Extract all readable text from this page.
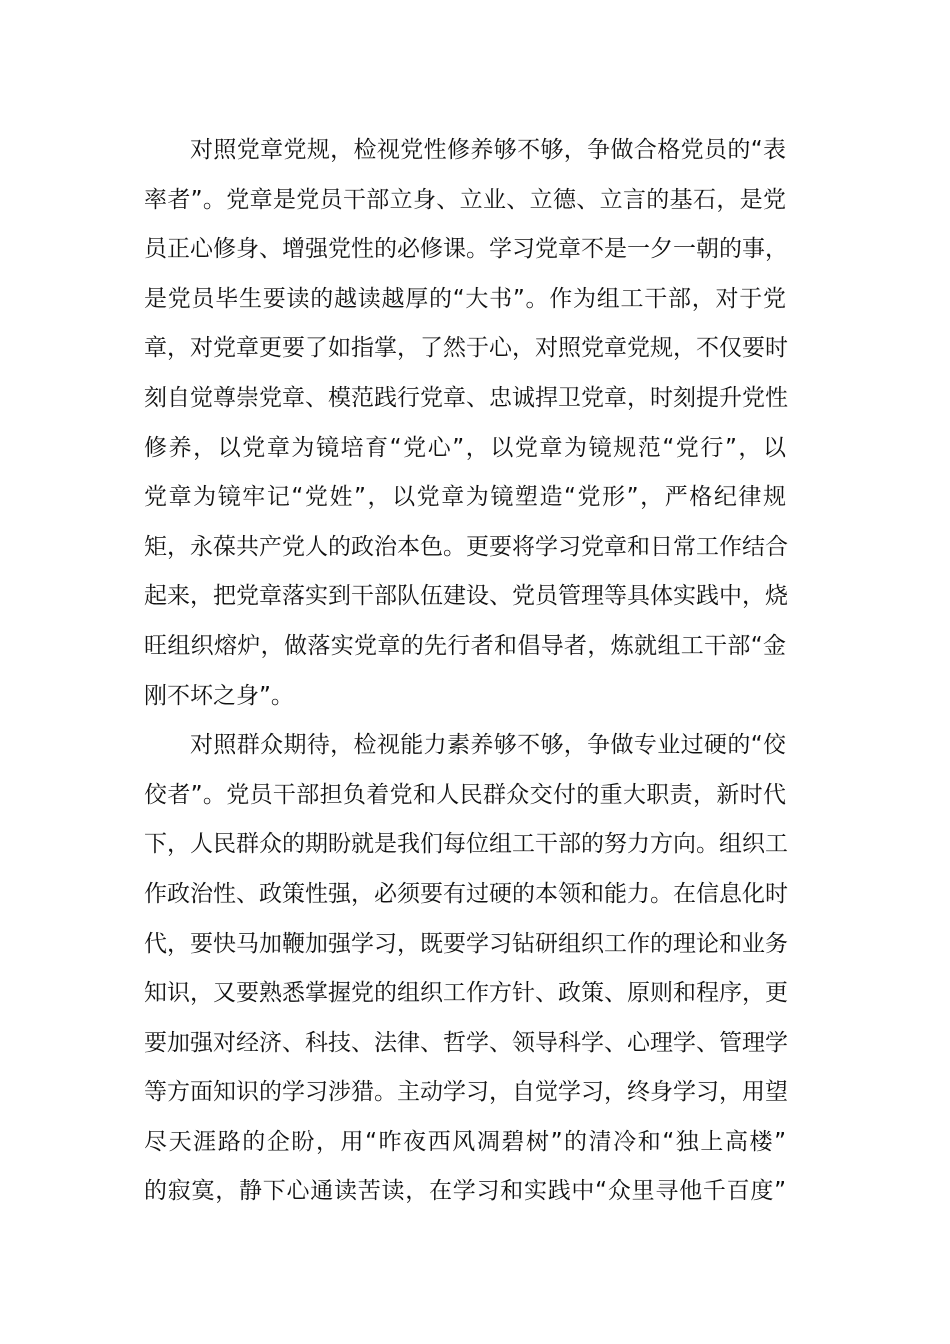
对照党章党规，检视党性修养够不够，争做合格党员的“表
率者”。党章是党员干部立身、立业、立德、立言的基石，是党
员正心修身、增强党性的必修课。学习党章不是一夕一朝的事，
是党员毕生要读的越读越厚的“大书”。作为组工干部，对于党
章，对党章更要了如指掌，了然于心，对照党章党规，不仅要时
刻自觉尊崇党章、模范践行党章、忠诚捍卫党章，时刻提升党性
修养，以党章为镜培育“党心”，以党章为镜规范“党行”，以
党章为镜牢记“党姓”，以党章为镜塑造“党形”，严格纪律规
矩，永葆共产党人的政治本色。更要将学习党章和日常工作结合
起来，把党章落实到干部队伍建设、党员管理等具体实践中，烧
旺组织熔炉，做落实党章的先行者和倡导者，炼就组工干部“金
刚不坏之身”。
对照群众期待，检视能力素养够不够，争做专业过硬的“佼
佼者”。党员干部担负着党和人民群众交付的重大职责，新时代
下，人民群众的期盼就是我们每位组工干部的努力方向。组织工
作政治性、政策性强，必须要有过硬的本领和能力。在信息化时
代，要快马加鞭加强学习，既要学习钻研组织工作的理论和业务
知识，又要熟悉掌握党的组织工作方针、政策、原则和程序，更
要加强对经济、科技、法律、哲学、领导科学、心理学、管理学
等方面知识的学习涉猎。主动学习，自觉学习，终身学习，用望
尽天涯路的企盼，用“昨夜西风凋碧树”的清冷和“独上高楼”
的寂寞，静下心通读苦读，在学习和实践中“众里寻他千百度”
